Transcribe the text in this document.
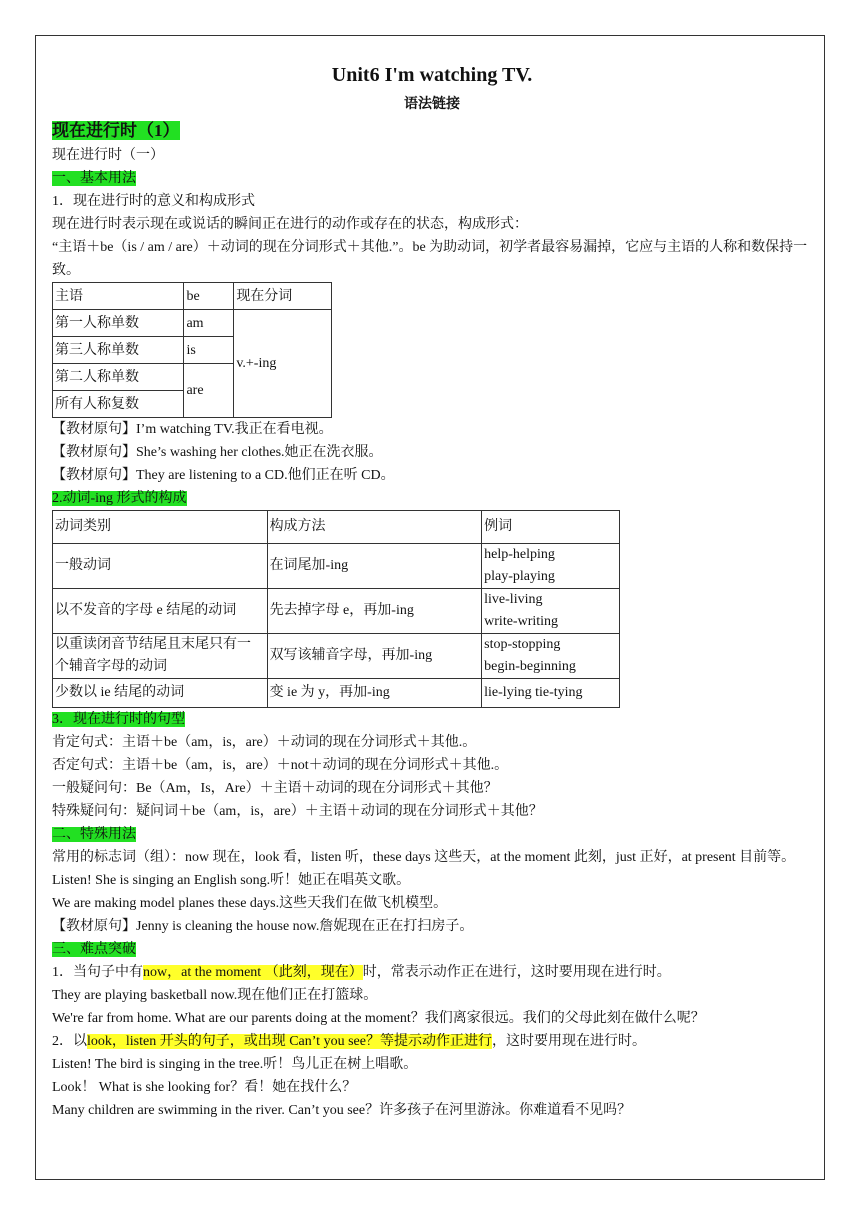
Unit6 I'm watching TV.
语法链接
现在进行时（1）
现在进行时（一）
一、基本用法
1．现在进行时的意义和构成形式
现在进行时表示现在或说话的瞬间正在进行的动作或存在的状态，构成形式：
“主语＋be（is / am / are）＋动词的现在分词形式＋其他.”。be 为助动词，初学者最容易漏掉，它应与主语的人称和数保持一致。
主语	be	现在分词
第一人称单数	am	v.+-ing
第三人称单数	is	
第二人称单数	are	
所有人称复数		
【教材原句】I’m watching TV.我正在看电视。
【教材原句】She’s washing her clothes.她正在洗衣服。
【教材原句】They are listening to a CD.他们正在听 CD。
2.动词-ing 形式的构成
动词类别	构成方法	例词
一般动词	在词尾加-ing	help-helping
play-playing

以不发音的字母 e 结尾的动词	先去掉字母 e，再加-ing	live-living
write-writing

以重读闭音节结尾且末尾只有一个辅音字母的动词	双写该辅音字母，再加-ing	stop-stopping
begin-beginning

少数以 ie 结尾的动词	变 ie 为 y，再加-ing	lie-lying tie-tying
3．现在进行时的句型
肯定句式：主语＋be（am，is，are）＋动词的现在分词形式＋其他.。
否定句式：主语＋be（am，is，are）＋not＋动词的现在分词形式＋其他.。
一般疑问句：Be（Am，Is，Are）＋主语＋动词的现在分词形式＋其他？
特殊疑问句：疑问词＋be（am，is，are）＋主语＋动词的现在分词形式＋其他？
二、特殊用法
常用的标志词（组）：now 现在，look 看，listen 听，these days 这些天，at the moment 此刻，just 正好，at present 目前等。
Listen! She is singing an English song.听！她正在唱英文歌。
We are making model planes these days.这些天我们在做飞机模型。
【教材原句】Jenny is cleaning the house now.詹妮现在正在打扫房子。
三、难点突破
1．当句子中有now，at the moment （此刻，现在）时，常表示动作正在进行，这时要用现在进行时。
They are playing basketball now.现在他们正在打篮球。
We're far from home. What are our parents doing at the moment？我们离家很远。我们的父母此刻在做什么呢？
2．以look，listen 开头的句子，或出现 Can’t you see？等提示动作正进行，这时要用现在进行时。
Listen! The bird is singing in the tree.听！鸟儿正在树上唱歌。
Look！ What is she looking for？看！她在找什么？
Many children are swimming in the river. Can’t you see？许多孩子在河里游泳。你难道看不见吗？
